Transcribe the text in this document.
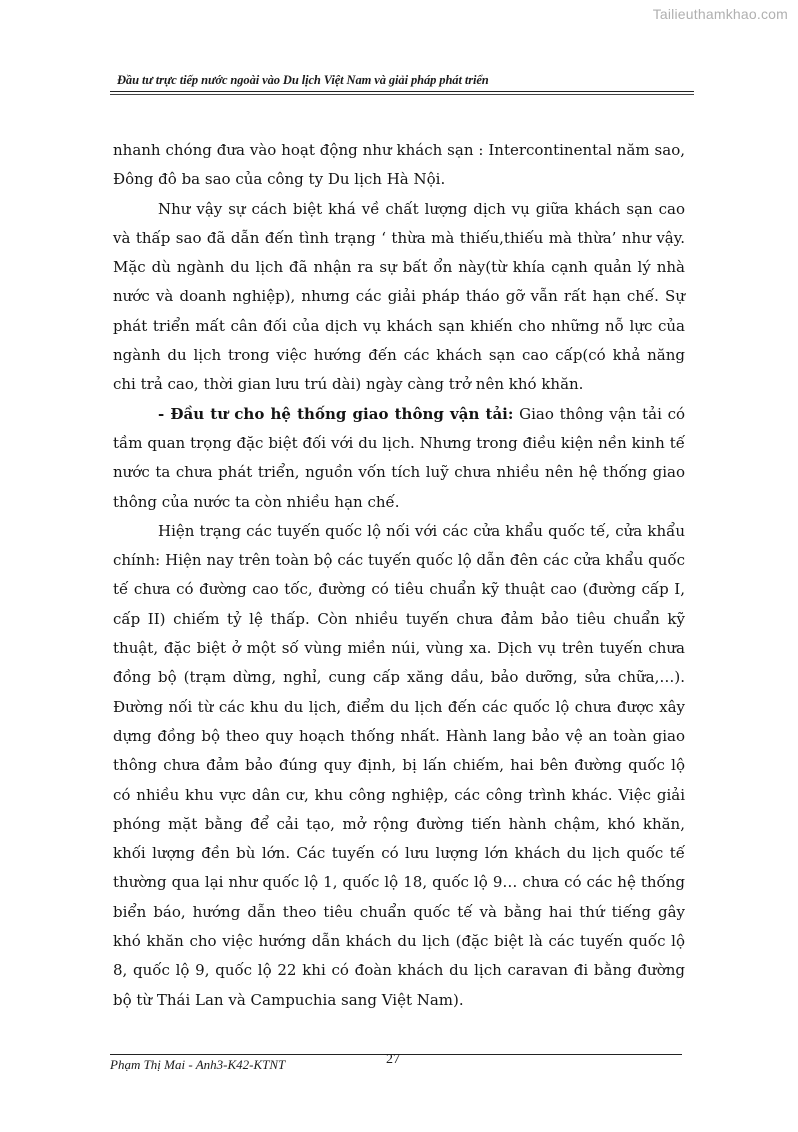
Tailieuthamkhao.com
Đầu tư trực tiếp nước ngoài vào Du lịch Việt Nam và giải pháp phát triển

nhanh chóng đưa vào hoạt động như khách sạn : Intercontinental năm sao, Đông đô ba sao của công ty Du lịch Hà Nội.

Như vậy sự cách biệt khá về chất lượng dịch vụ giữa khách sạn cao và thấp sao đã dẫn đến tình trạng ‘ thừa mà thiếu,thiếu mà thừa’ như vậy. Mặc dù ngành du lịch đã nhận ra sự bất ổn này(từ khía cạnh quản lý nhà nước và doanh nghiệp), nhưng các giải pháp tháo gỡ vẫn rất hạn chế. Sự phát triển mất cân đối của dịch vụ khách sạn khiến cho những nỗ lực của ngành du lịch trong việc hướng đến các khách sạn cao cấp(có khả năng chi trả cao, thời gian lưu trú dài) ngày càng trở nên khó khăn.

- Đầu tư cho hệ thống giao thông vận tải: Giao thông vận tải có tầm quan trọng đặc biệt đối với du lịch. Nhưng trong điều kiện nền kinh tế nước ta chưa phát triển, nguồn vốn tích luỹ chưa nhiều nên hệ thống giao thông của nước ta còn nhiều hạn chế.

Hiện trạng các tuyến quốc lộ nối với các cửa khẩu quốc tế, cửa khẩu chính: Hiện nay trên toàn bộ các tuyến quốc lộ dẫn đên các cửa khẩu quốc tế chưa có đường cao tốc, đường có tiêu chuẩn kỹ thuật cao (đường cấp I, cấp II) chiếm tỷ lệ thấp. Còn nhiều tuyến chưa đảm bảo tiêu chuẩn kỹ thuật, đặc biệt ở một số vùng miền núi, vùng xa. Dịch vụ trên tuyến chưa đồng bộ (trạm dừng, nghỉ, cung cấp xăng dầu, bảo dưỡng, sửa chữa,…). Đường nối từ các khu du lịch, điểm du lịch đến các quốc lộ chưa được xây dựng đồng bộ theo quy hoạch thống nhất. Hành lang bảo vệ an toàn giao thông chưa đảm bảo đúng quy định, bị lấn chiếm, hai bên đường quốc lộ có nhiều khu vực dân cư, khu công nghiệp, các công trình khác. Việc giải phóng mặt bằng để cải tạo, mở rộng đường tiến hành chậm, khó khăn, khối lượng đền bù lớn. Các tuyến có lưu lượng lớn khách du lịch quốc tế thường qua lại như quốc lộ 1, quốc lộ 18, quốc lộ 9… chưa có các hệ thống biển báo, hướng dẫn theo tiêu chuẩn quốc tế và bằng hai thứ tiếng gây khó khăn cho việc hướng dẫn khách du lịch (đặc biệt là các tuyến quốc lộ 8, quốc lộ 9, quốc lộ 22 khi có đoàn khách du lịch caravan đi bằng đường bộ từ Thái Lan và Campuchia sang Việt Nam).

Phạm Thị Mai - Anh3-K42-KTNT	27
